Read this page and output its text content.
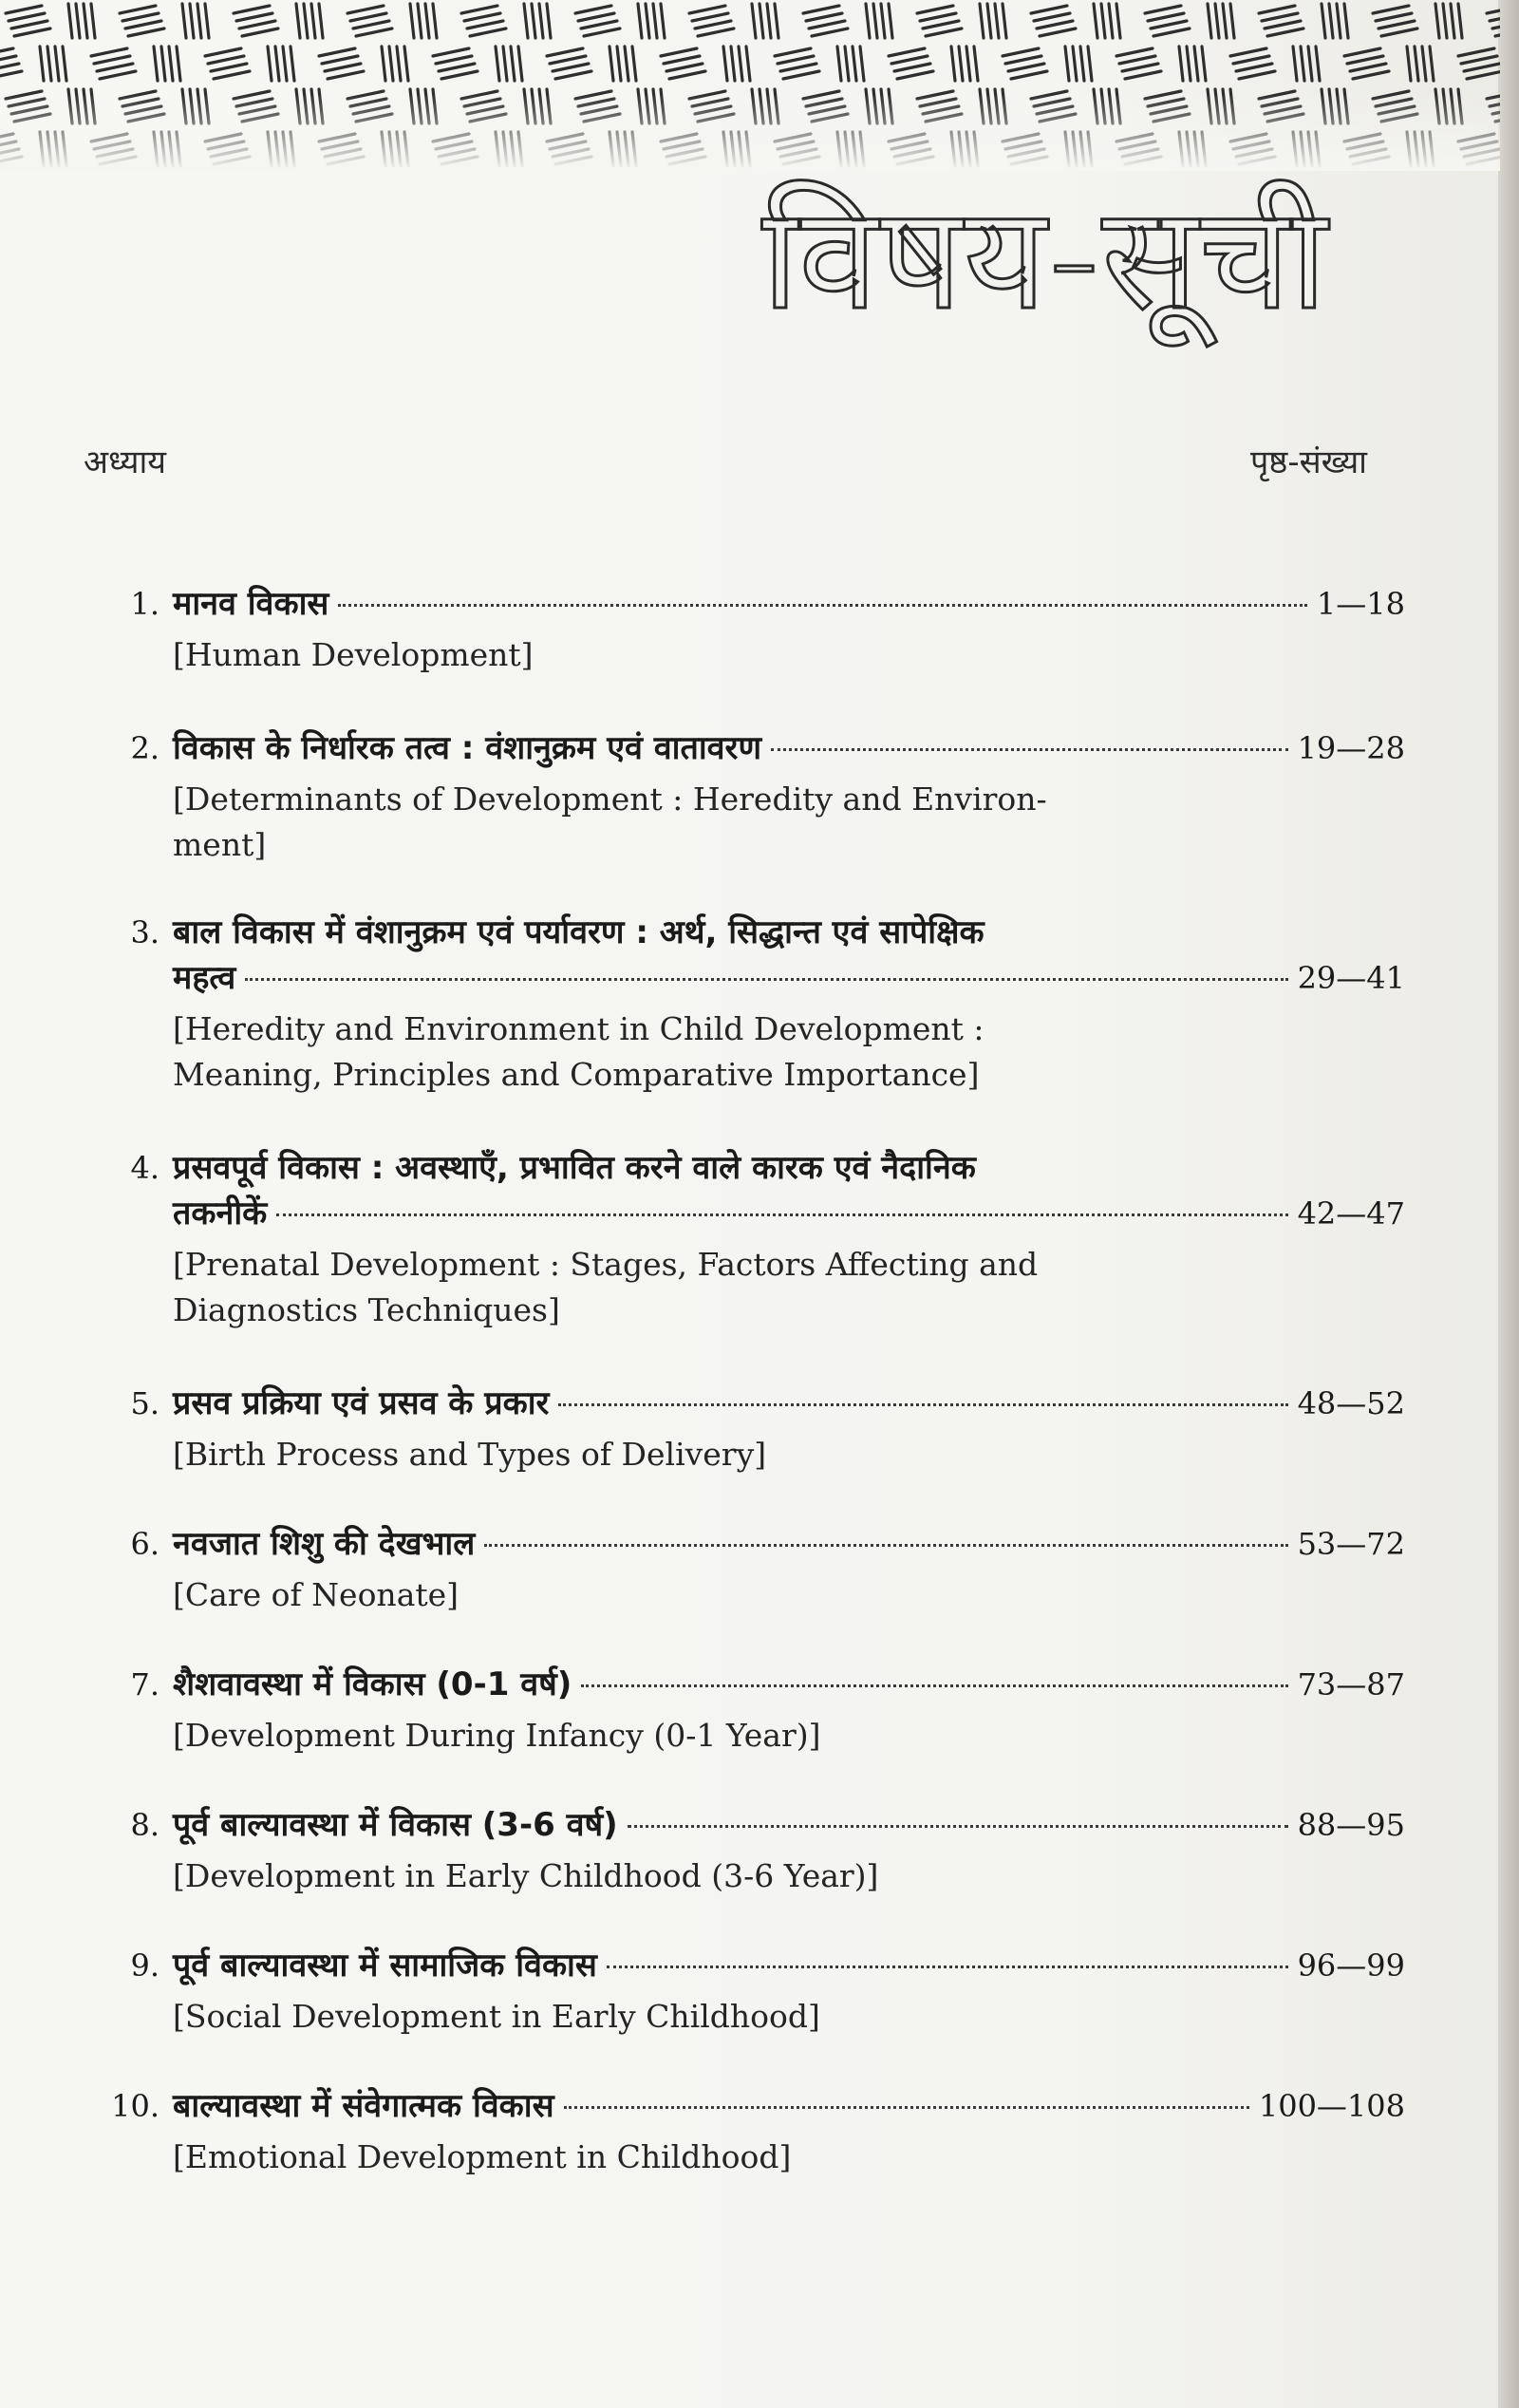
विषय-सूची
अध्याय	पृष्ठ-संख्या
1. मानव विकास	1—18
[Human Development]
2. विकास के निर्धारक तत्व : वंशानुक्रम एवं वातावरण	19—28
[Determinants of Development : Heredity and Environ-ment]
3. बाल विकास में वंशानुक्रम एवं पर्यावरण : अर्थ, सिद्धान्त एवं सापेक्षिक
महत्व	29—41
[Heredity and Environment in Child Development : Meaning, Principles and Comparative Importance]
4. प्रसवपूर्व विकास : अवस्थाएँ, प्रभावित करने वाले कारक एवं नैदानिक
तकनीकें	42—47
[Prenatal Development : Stages, Factors Affecting and Diagnostics Techniques]
5. प्रसव प्रक्रिया एवं प्रसव के प्रकार	48—52
[Birth Process and Types of Delivery]
6. नवजात शिशु की देखभाल	53—72
[Care of Neonate]
7. शैशवावस्था में विकास (0-1 वर्ष)	73—87
[Development During Infancy (0-1 Year)]
8. पूर्व बाल्यावस्था में विकास (3-6 वर्ष)	88—95
[Development in Early Childhood (3-6 Year)]
9. पूर्व बाल्यावस्था में सामाजिक विकास	96—99
[Social Development in Early Childhood]
10. बाल्यावस्था में संवेगात्मक विकास	100—108
[Emotional Development in Childhood]
